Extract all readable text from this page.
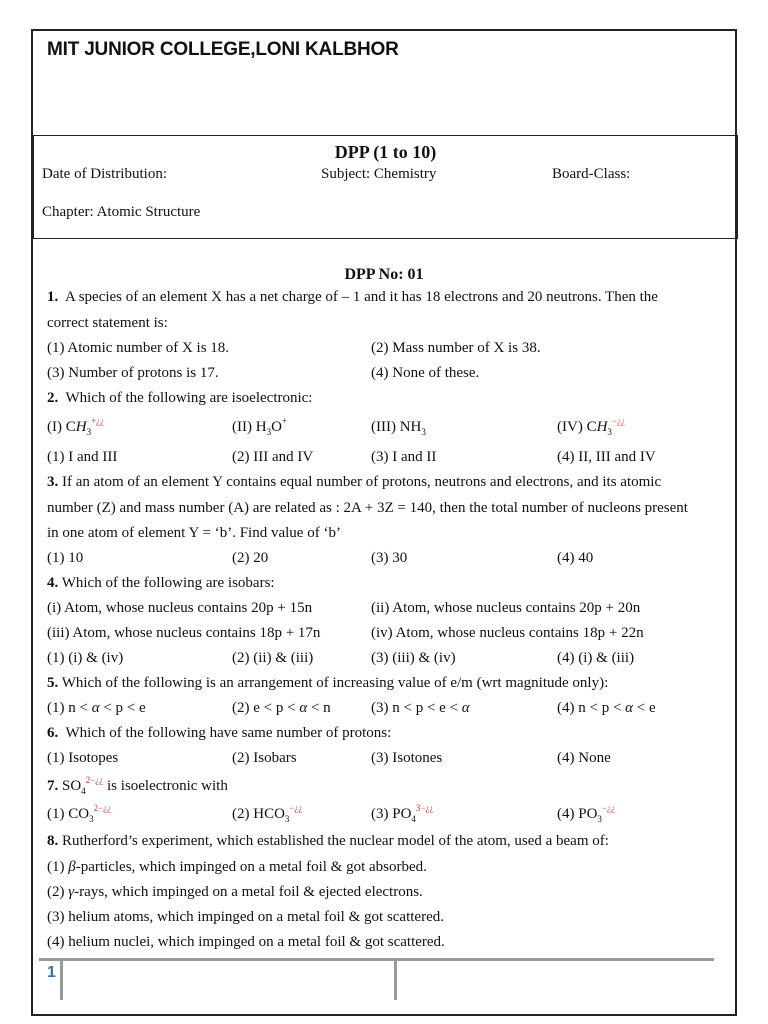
MIT JUNIOR COLLEGE,LONI KALBHOR
DPP (1 to 10)
Date of Distribution:	Subject: Chemistry	Board-Class:
Chapter: Atomic Structure
DPP No: 01
1. A species of an element X has a net charge of – 1 and it has 18 electrons and 20 neutrons. Then the
correct statement is:
(1) Atomic number of X is 18.	(2) Mass number of X is 38.
(3) Number of protons is 17.	(4) None of these.
2. Which of the following are isoelectronic:
(I) $CH_3^{+¿¿}$	(II) $H_3O^+$	(III) $NH_3$	(IV) $CH_3^{-¿¿}$
(1) I and III	(2) III and IV	(3) I and II	(4) II, III and IV
3. If an atom of an element Y contains equal number of protons, neutrons and electrons, and its atomic
number (Z) and mass number (A) are related as : 2A + 3Z = 140, then the total number of nucleons present
in one atom of element Y = ‘b’. Find value of ‘b’
(1) 10	(2) 20	(3) 30	(4) 40
4. Which of the following are isobars:
(i) Atom, whose nucleus contains 20p + 15n	(ii) Atom, whose nucleus contains 20p + 20n
(iii) Atom, whose nucleus contains 18p + 17n	(iv) Atom, whose nucleus contains 18p + 22n
(1) (i) & (iv)	(2) (ii) & (iii)	(3) (iii) & (iv)	(4) (i) & (iii)
5. Which of the following is an arrangement of increasing value of e/m (wrt magnitude only):
(1) n < α < p < e	(2) e < p < α < n	(3) n < p < e < α	(4) n < p < α < e
6. Which of the following have same number of protons:
(1) Isotopes	(2) Isobars	(3) Isotones	(4) None
7. $SO_4^{2-¿¿}$ is isoelectronic with
(1) $CO_3^{2-¿¿}$	(2) $HCO_3^{-¿¿}$	(3) $PO_4^{3-¿¿}$	(4) $PO_3^{-¿¿}$
8. Rutherford’s experiment, which established the nuclear model of the atom, used a beam of:
(1) β-particles, which impinged on a metal foil & got absorbed.
(2) γ-rays, which impinged on a metal foil & ejected electrons.
(3) helium atoms, which impinged on a metal foil & got scattered.
(4) helium nuclei, which impinged on a metal foil & got scattered.
1
